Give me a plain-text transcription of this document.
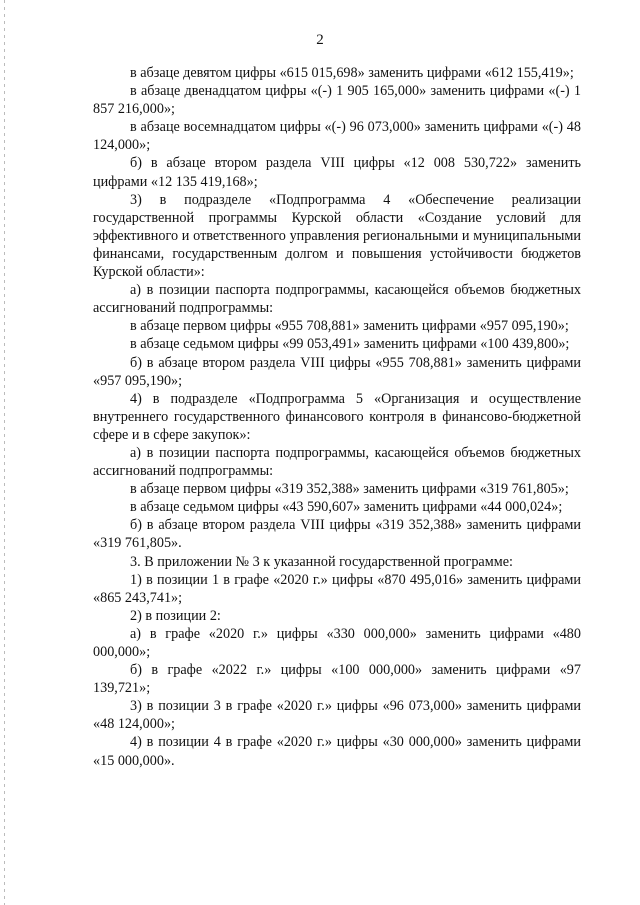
2

в абзаце девятом цифры «615 015,698» заменить цифрами «612 155,419»;

в абзаце двенадцатом цифры «(-) 1 905 165,000» заменить цифрами «(-) 1 857 216,000»;

в абзаце восемнадцатом цифры «(-) 96 073,000» заменить цифрами «(-) 48 124,000»;

б) в абзаце втором раздела VIII цифры «12 008 530,722» заменить цифрами «12 135 419,168»;

3) в подразделе «Подпрограмма 4 «Обеспечение реализации государственной программы Курской области «Создание условий для эффективного и ответственного управления региональными и муниципальными финансами, государственным долгом и повышения устойчивости бюджетов Курской области»:

а) в позиции паспорта подпрограммы, касающейся объемов бюджетных ассигнований подпрограммы:

в абзаце первом цифры «955 708,881» заменить цифрами «957 095,190»;

в абзаце седьмом цифры «99 053,491» заменить цифрами «100 439,800»;

б) в абзаце втором раздела VIII цифры «955 708,881» заменить цифрами «957 095,190»;

4) в подразделе «Подпрограмма 5 «Организация и осуществление внутреннего государственного финансового контроля в финансово-бюджетной сфере и в сфере закупок»:

а) в позиции паспорта подпрограммы, касающейся объемов бюджетных ассигнований подпрограммы:

в абзаце первом цифры «319 352,388» заменить цифрами «319 761,805»;

в абзаце седьмом цифры «43 590,607» заменить цифрами «44 000,024»;

б) в абзаце втором раздела VIII цифры «319 352,388» заменить цифрами «319 761,805».

3. В приложении № 3 к указанной государственной программе:

1) в позиции 1 в графе «2020 г.» цифры «870 495,016» заменить цифрами «865 243,741»;

2) в позиции 2:

а) в графе «2020 г.» цифры «330 000,000» заменить цифрами «480 000,000»;

б) в графе «2022 г.» цифры «100 000,000» заменить цифрами «97 139,721»;

3) в позиции 3 в графе «2020 г.» цифры «96 073,000» заменить цифрами «48 124,000»;

4) в позиции 4 в графе «2020 г.» цифры «30 000,000» заменить цифрами «15 000,000».
